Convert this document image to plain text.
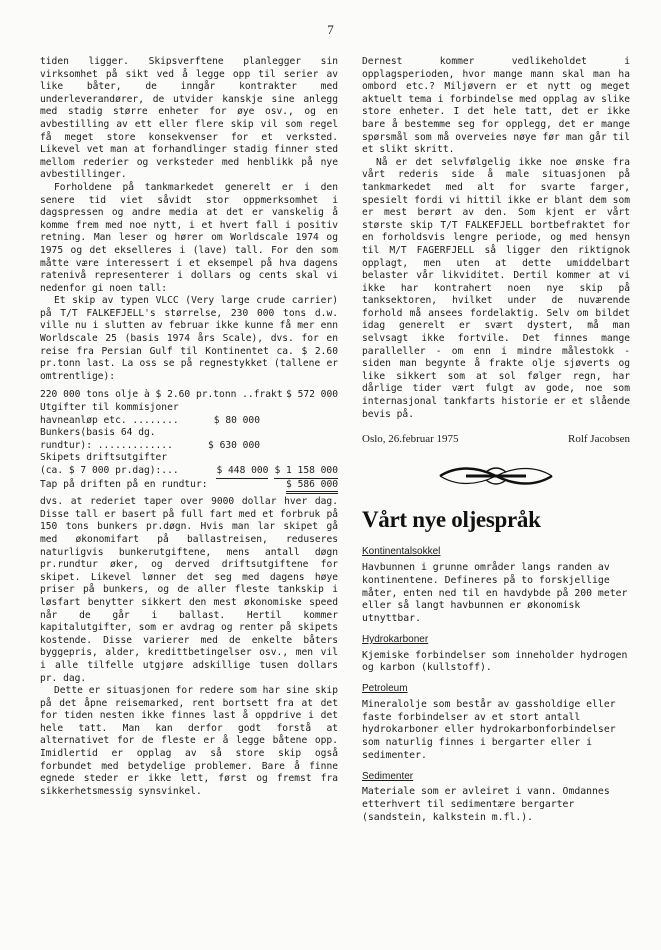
7

tiden ligger. Skipsverftene planlegger sin virksomhet på sikt ved å legge opp til serier av like båter, de inngår kontrakter med underleverandører, de utvider kanskje sine anlegg med stadig større enheter for øye osv., og en avbestilling av ett eller flere skip vil som regel få meget store konsekvenser for et verksted. Likevel vet man at forhandlinger stadig finner sted mellom rederier og verksteder med henblikk på nye avbestillinger.

Forholdene på tankmarkedet generelt er i den senere tid viet såvidt stor oppmerksomhet i dagspressen og andre media at det er vanskelig å komme frem med noe nytt, i et hvert fall i positiv retning. Man leser og hører om Worldscale 1974 og 1975 og det ekselleres i (lave) tall. For den som måtte være interessert i et eksempel på hva dagens ratenivå representerer i dollars og cents skal vi nedenfor gi noen tall:

Et skip av typen VLCC (Very large crude carrier) på T/T FALKEFJELL's størrelse, 230 000 tons d.w. ville nu i slutten av februar ikke kunne få mer enn Worldscale 25 (basis 1974 års Scale), dvs. for en reise fra Persian Gulf til Kontinentet ca. $ 2.60 pr.tonn last. La oss se på regnestykket (tallene er omtrentlige):

220 000 tons olje à $ 2.60 pr.tonn ..frakt $ 572 000
Utgifter til kommisjoner
havneanløp etc. ........	$ 80 000
Bunkers(basis 64 dg.
rundtur): .............	$ 630 000
Skipets driftsutgifter
(ca. $ 7 000 pr.dag):...	$ 448 000 $ 1 158 000
Tap på driften på en rundtur:	$ 586 000

dvs. at rederiet taper over 9000 dollar hver dag. Disse tall er basert på full fart med et forbruk på 150 tons bunkers pr.døgn. Hvis man lar skipet gå med økonomifart på ballastreisen, reduseres naturligvis bunkerutgiftene, mens antall døgn pr.rundtur øker, og derved driftsutgiftene for skipet. Likevel lønner det seg med dagens høye priser på bunkers, og de aller fleste tankskip i løsfart benytter sikkert den mest økonomiske speed når de går i ballast. Hertil kommer kapitalutgifter, som er avdrag og renter på skipets kostende. Disse varierer med de enkelte båters byggepris, alder, kredittbetingelser osv., men vil i alle tilfelle utgjøre adskillige tusen dollars pr. dag.

Dette er situasjonen for redere som har sine skip på det åpne reisemarked, rent bortsett fra at det for tiden nesten ikke finnes last å oppdrive i det hele tatt. Man kan derfor godt forstå at alternativet for de fleste er å legge båtene opp. Imidlertid er opplag av så store skip også forbundet med betydelige problemer. Bare å finne egnede steder er ikke lett, først og fremst fra sikkerhetsmessig synsvinkel.

Dernest kommer vedlikeholdet i opplagsperioden, hvor mange mann skal man ha ombord etc.? Miljøvern er et nytt og meget aktuelt tema i forbindelse med opplag av slike store enheter. I det hele tatt, det er ikke bare å bestemme seg for opplegg, det er mange spørsmål som må overveies nøye før man går til et slikt skritt.

Nå er det selvfølgelig ikke noe ønske fra vårt rederis side å male situasjonen på tankmarkedet med alt for svarte farger, spesielt fordi vi hittil ikke er blant dem som er mest berørt av den. Som kjent er vårt største skip T/T FALKEFJELL bortbefraktet for en forholdsvis lengre periode, og med hensyn til M/T FAGERFJELL så ligger den riktignok opplagt, men uten at dette umiddelbart belaster vår likviditet. Dertil kommer at vi ikke har kontrahert noen nye skip på tanksektoren, hvilket under de nuværende forhold må ansees fordelaktig. Selv om bildet idag generelt er svært dystert, må man selvsagt ikke fortvile. Det finnes mange paralleller - om enn i mindre målestokk - siden man begynte å frakte olje sjøverts og like sikkert som at sol følger regn, har dårlige tider vært fulgt av gode, noe som internasjonal tankfarts historie er et slående bevis på.

Oslo, 26.februar 1975	Rolf Jacobsen
Vårt nye oljespråk
Kontinentalsokkel

Havbunnen i grunne områder langs randen av kontinentene. Defineres på to forskjellige måter, enten ned til en havdybde på 200 meter eller så langt havbunnen er økonomisk utnyttbar.

Hydrokarboner

Kjemiske forbindelser som inneholder hydrogen og karbon (kullstoff).

Petroleum

Mineralolje som består av gassholdige eller faste forbindelser av et stort antall hydrokarboner eller hydrokarbonforbindelser som naturlig finnes i bergarter eller i sedimenter.

Sedimenter

Materiale som er avleiret i vann. Omdannes etterhvert til sedimentære bergarter (sandstein, kalkstein m.fl.).
